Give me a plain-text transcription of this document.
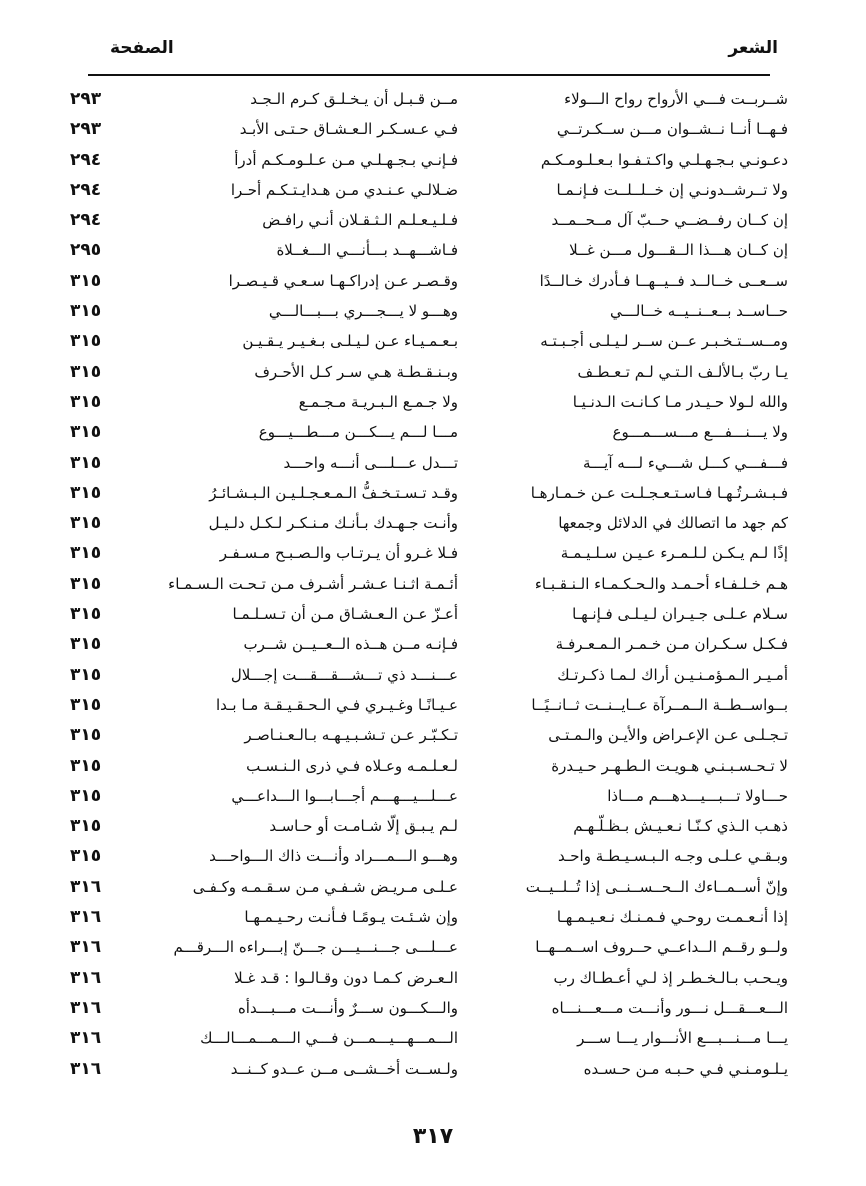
الشعر
الصفحة
شــربــت فـــي الأرواح رواح الـــولاء
مــن قـبـل أن يـخـلـق كـرم الـجـد
٢٩٣
فـهــا أنــا نــشــوان مـــن ســكـرتــي
فـي عـسـكـر الـعـشـاق حـتـى الأبـد
٢٩٣
دعـونـي بـجـهـلـي واكـتـفـوا بـعـلـومـكـم
فـإنـي بـجـهـلـي مـن عـلـومـكـم أدرأ
٢٩٤
ولا تــرشــدونـي إن خــلــلــت فـإنـمـا
ضـلالـي عـنـدي مـن هـدايـتـكـم أحـرا
٢٩٤
إن كــان رفــضــي حــبّ آل مــحــمــد
فـلـيـعـلـم الـثـقـلان أنـي رافـض
٢٩٤
إن كــان هـــذا الــقـــول مـــن غــلا
فـاشـــهــد بـــأنـــي الـــغــلاة
٢٩٥
ســعــى خــالــد فــيــهــا فـأدرك خـالــدًا
وقـصـر عـن إدراكـهـا سـعـي قـيـصـرا
٣١٥
حــاســد بــعــنــيــه خــالـــي
وهـــو لا يـــجـــري بـــبـــالـــي
٣١٥
ومــســتـخـبـر عــن ســر لـيـلـى أجـبـتـه
بـعـمـيـاء عـن لـيـلـى بـغـيـر يـقـيـن
٣١٥
يـا ربّ بـالألـف الـتـي لـم تـعـطـف
وبـنـقـطـة هـي سـر كـل الأحـرف
٣١٥
والله لـولا حـيـدر مـا كـانـت الـدنـيـا
ولا جـمـع الـبـريـة مـجـمـع
٣١٥
ولا يـــنـــفـــع مـــســـمـــوع
مـــا لـــم يـــكـــن مـــطـــيـــوع
٣١٥
فـــفـــي كـــل شـــيء لـــه آيـــة
تـــدل عـــلـــى أنـــه واحـــد
٣١٥
فـبـشـرتُـهـا فـاسـتـعـجـلـت عـن خـمـارهـا
وقـد تـسـتـخـفُّ الـمـعـجـلـيـن الـبـشـائـرُ
٣١٥
كم جهد ما اتصالك في الدلائل وجمعها
وأنـت جـهـدك بـأنـك مـنـكـر لـكـل دلـيـل
٣١٥
إذًا لـم يـكـن لـلـمـرء عـيـن سـلـيـمـة
فـلا غـرو أن يـرتـاب والـصـبـح مـسـفـر
٣١٥
هـم خـلـفـاء أحـمـد والـحـكـمـاء الـنـقـبـاء
أئـمـة اثـنـا عـشـر أشـرف مـن تـحـت الـسـمـاء
٣١٥
سـلام عـلـى جـيـران لـيـلـى فـإنـهـا
أعـزّ عـن الـعـشـاق مـن أن تـسـلـمـا
٣١٥
فـكـل سـكـران مـن خـمـر الـمـعـرفـة
فـإنـه مــن هــذه الــعــيــن شــرب
٣١٥
أمـيـر الـمـؤمـنـيـن أراك لـمـا ذكـرتـك
عـــنـــد ذي تـــشـــقـــقـــت إجـــلال
٣١٥
بــواســطــة الــمــرآة عــايــنــت ثــانــيًــا
عـيـانًـا وغـيـري فـي الـحـقـيـقـة مـا بـدا
٣١٥
تـجـلـى عـن الإعـراض والأيـن والـمـتـى
تـكـبّـر عـن تـشـبـيـهـه بـالـعـنـاصـر
٣١٥
لا تـحـسـبـنـي هـويـت الـطـهـر حـيـدرة
لـعـلـمـه وعـلاه فـي ذرى الـنـسـب
٣١٥
حـــاولا تـــبـــيـــدهـــم مـــاذا
عـــلـــيـــهـــم أجـــابـــوا الـــداعـــي
٣١٥
ذهـب الـذي كـنّـا نـعـيـش بـظـلّـهـم
لـم يـبـق إلّا شـامـت أو حـاسـد
٣١٥
وبـقـي عـلـى وجـه الـبـسـيـطـة واحـد
وهـــو الـــمـــراد وأنـــت ذاك الـــواحـــد
٣١٥
وإنّ أســمــاءك الــحــســنــى إذا تُــلــيــت
عـلـى مـريـض شـفـي مـن سـقـمـه وكـفـى
٣١٦
إذا أنـعـمـت روحـي فـمـنـك نـعـيـمـهـا
وإن شـئـت يـومًـا فـأنـت رحـيـمـهـا
٣١٦
ولــو رقــم الــداعــي حــروف اســمــهــا
عـــلـــى جـــنـــيـــن جـــنّ إبـــراءه الـــرقـــم
٣١٦
ويـحـب بـالـخـطـر إذ لـي أعـطـاك رب
الـعـرض كـمـا دون وقـالـوا : قـد غـلا
٣١٦
الـــعـــقـــل نـــور وأنـــت مـــعـــنـــاه
والـــكـــون ســـرٌ وأنـــت مـــبـــدأه
٣١٦
يـــا مـــنـــبـــع الأنـــوار يـــا ســـر
الـــمـــهـــيـــمـــن فـــي الـــمـــمـــالـــك
٣١٦
يـلـومـنـي فـي حـبـه مـن حـسـده
ولـســت أخــشــى مــن عــدو كــنــد
٣١٦
٣١٧
